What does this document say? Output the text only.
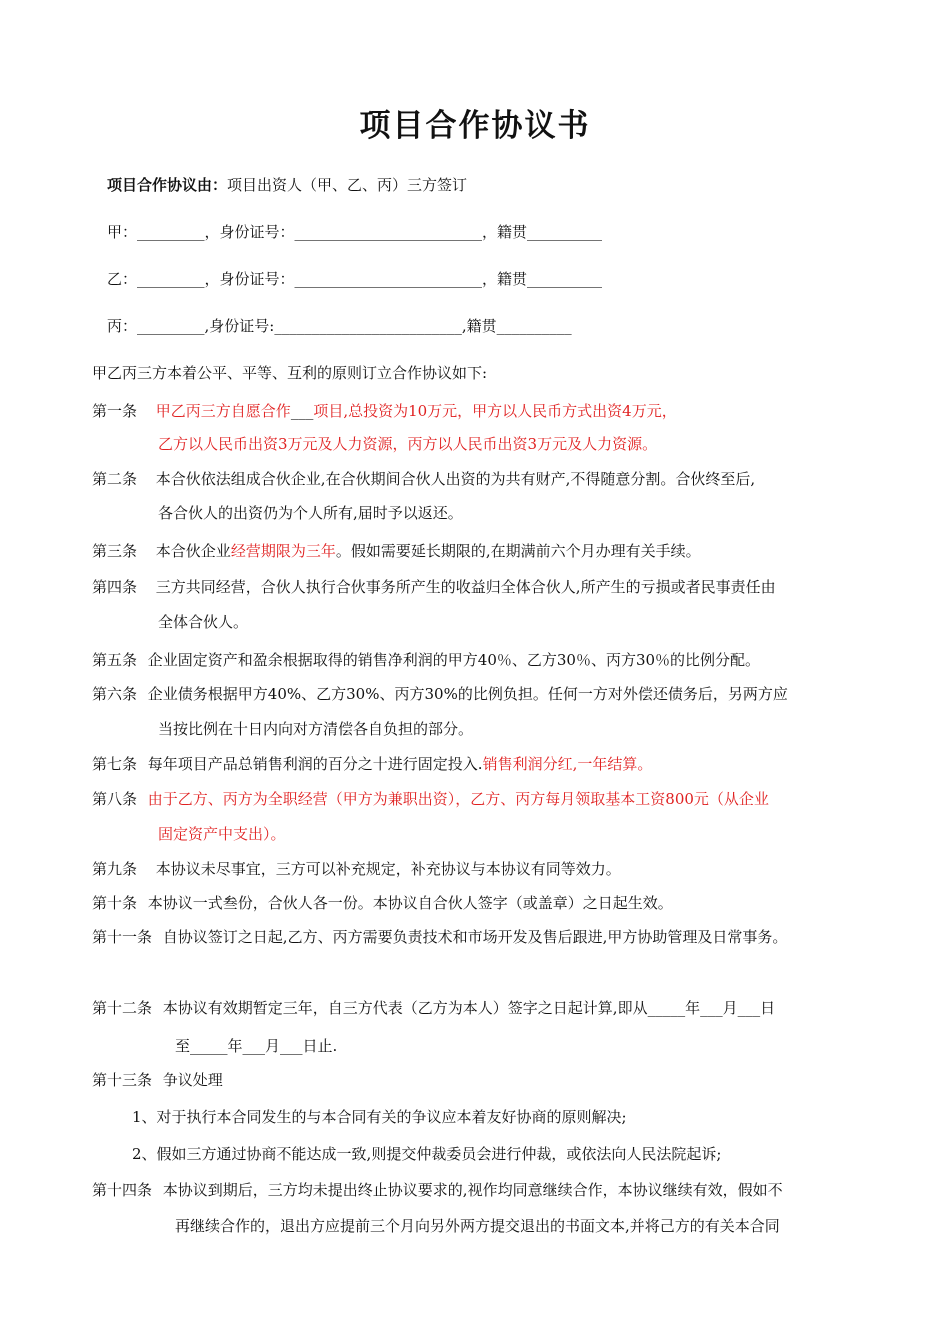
项目合作协议书
项目合作协议由：项目出资人（甲、乙、丙）三方签订
甲：_________，身份证号：_________________________，籍贯__________
乙：_________，身份证号：_________________________，籍贯__________
丙：_________,身份证号:_________________________,籍贯__________
甲乙丙三方本着公平、平等、互利的原则订立合作协议如下:
第一条 甲乙丙三方自愿合作___项目,总投资为10万元，甲方以人民币方式出资4万元，
乙方以人民币出资3万元及人力资源，丙方以人民币出资3万元及人力资源。
第二条 本合伙依法组成合伙企业,在合伙期间合伙人出资的为共有财产,不得随意分割。合伙终至后,
各合伙人的出资仍为个人所有,届时予以返还。
第三条 本合伙企业经营期限为三年。假如需要延长期限的,在期满前六个月办理有关手续。
第四条 三方共同经营，合伙人执行合伙事务所产生的收益归全体合伙人,所产生的亏损或者民事责任由
全体合伙人。
第五条 企业固定资产和盈余根据取得的销售净利润的甲方40％、乙方30％、丙方30％的比例分配。
第六条 企业债务根据甲方40%、乙方30%、丙方30%的比例负担。任何一方对外偿还债务后，另两方应
当按比例在十日内向对方清偿各自负担的部分。
第七条 每年项目产品总销售利润的百分之十进行固定投入.销售利润分红,一年结算。
第八条 由于乙方、丙方为全职经营（甲方为兼职出资），乙方、丙方每月领取基本工资800元（从企业
固定资产中支出）。
第九条 本协议未尽事宜，三方可以补充规定，补充协议与本协议有同等效力。
第十条 本协议一式叁份，合伙人各一份。本协议自合伙人签字（或盖章）之日起生效。
第十一条 自协议签订之日起,乙方、丙方需要负责技术和市场开发及售后跟进,甲方协助管理及日常事务。
第十二条 本协议有效期暂定三年，自三方代表（乙方为本人）签字之日起计算,即从_____年___月___日
至_____年___月___日止.
第十三条 争议处理
1、对于执行本合同发生的与本合同有关的争议应本着友好协商的原则解决;
2、假如三方通过协商不能达成一致,则提交仲裁委员会进行仲裁，或依法向人民法院起诉;
第十四条 本协议到期后，三方均未提出终止协议要求的,视作均同意继续合作，本协议继续有效，假如不
再继续合作的，退出方应提前三个月向另外两方提交退出的书面文本,并将己方的有关本合同
